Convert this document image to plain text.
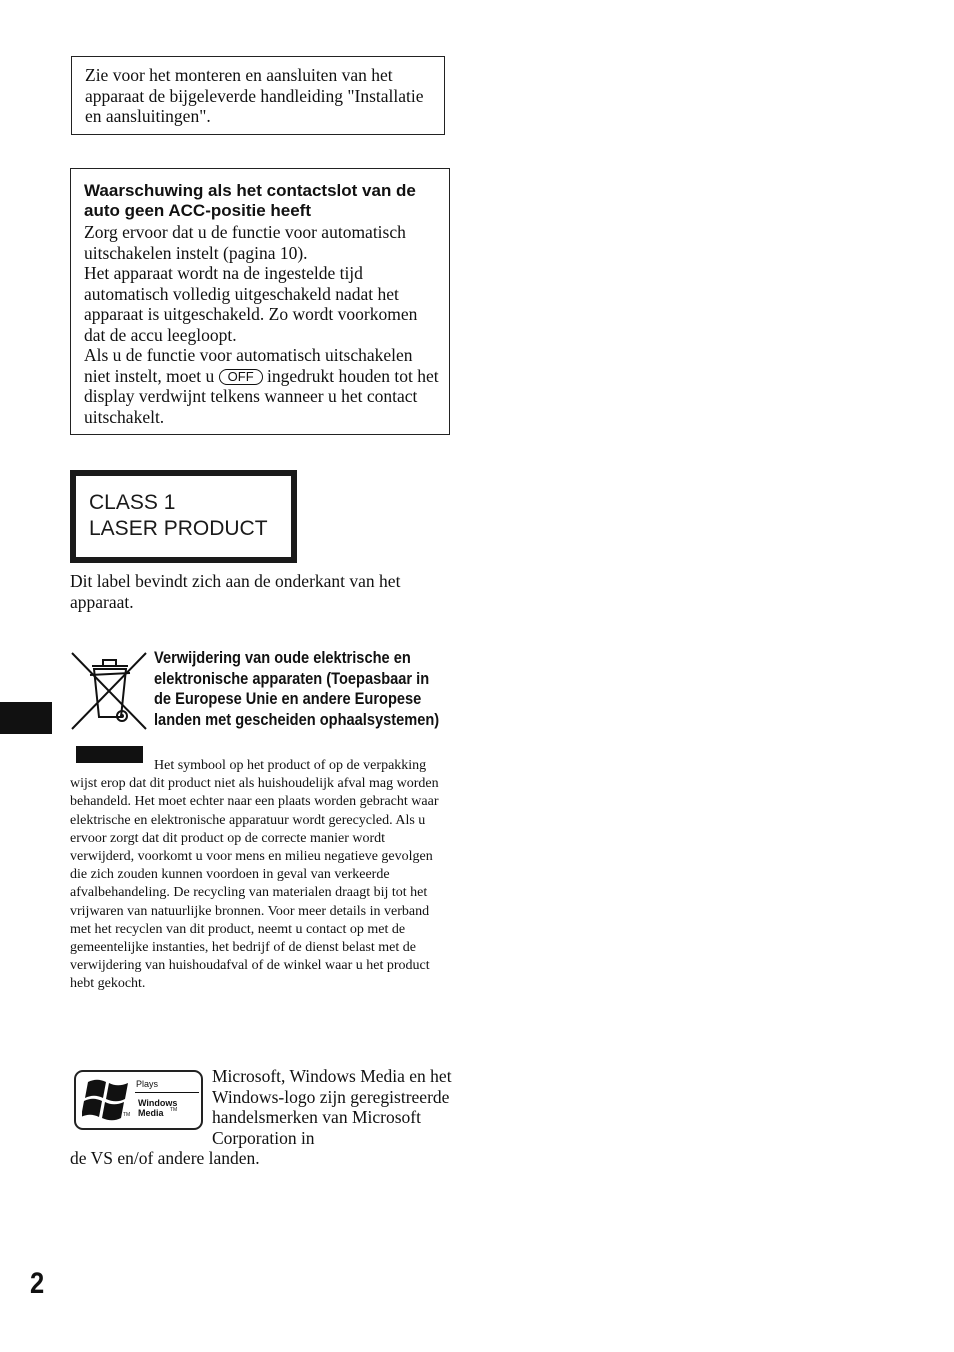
Zie voor het monteren en aansluiten van het apparaat de bijgeleverde handleiding "Installatie en aansluitingen".

Waarschuwing als het contactslot van de auto geen ACC-positie heeft

Zorg ervoor dat u de functie voor automatisch uitschakelen instelt (pagina 10).

Het apparaat wordt na de ingestelde tijd automatisch volledig uitgeschakeld nadat het apparaat is uitgeschakeld. Zo wordt voorkomen dat de accu leegloopt.

Als u de functie voor automatisch uitschakelen niet instelt, moet u OFF ingedrukt houden tot het display verdwijnt telkens wanneer u het contact uitschakelt.

CLASS 1
LASER PRODUCT

Dit label bevindt zich aan de onderkant van het apparaat.

Verwijdering van oude elektrische en elektronische apparaten (Toepasbaar in de Europese Unie en andere Europese landen met gescheiden ophaalsystemen)

Het symbool op het product of op de verpakking wijst erop dat dit product niet als huishoudelijk afval mag worden behandeld. Het moet echter naar een plaats worden gebracht waar elektrische en elektronische apparatuur wordt gerecycled. Als u ervoor zorgt dat dit product op de correcte manier wordt verwijderd, voorkomt u voor mens en milieu negatieve gevolgen die zich zouden kunnen voordoen in geval van verkeerde afvalbehandeling. De recycling van materialen draagt bij tot het vrijwaren van natuurlijke bronnen. Voor meer details in verband met het recyclen van dit product, neemt u contact op met de gemeentelijke instanties, het bedrijf of de dienst belast met de verwijdering van huishoudafval of de winkel waar u het product hebt gekocht.

Plays
Windows
Media TM
TM

Microsoft, Windows Media en het Windows-logo zijn geregistreerde handelsmerken van Microsoft Corporation in

de VS en/of andere landen.

2
